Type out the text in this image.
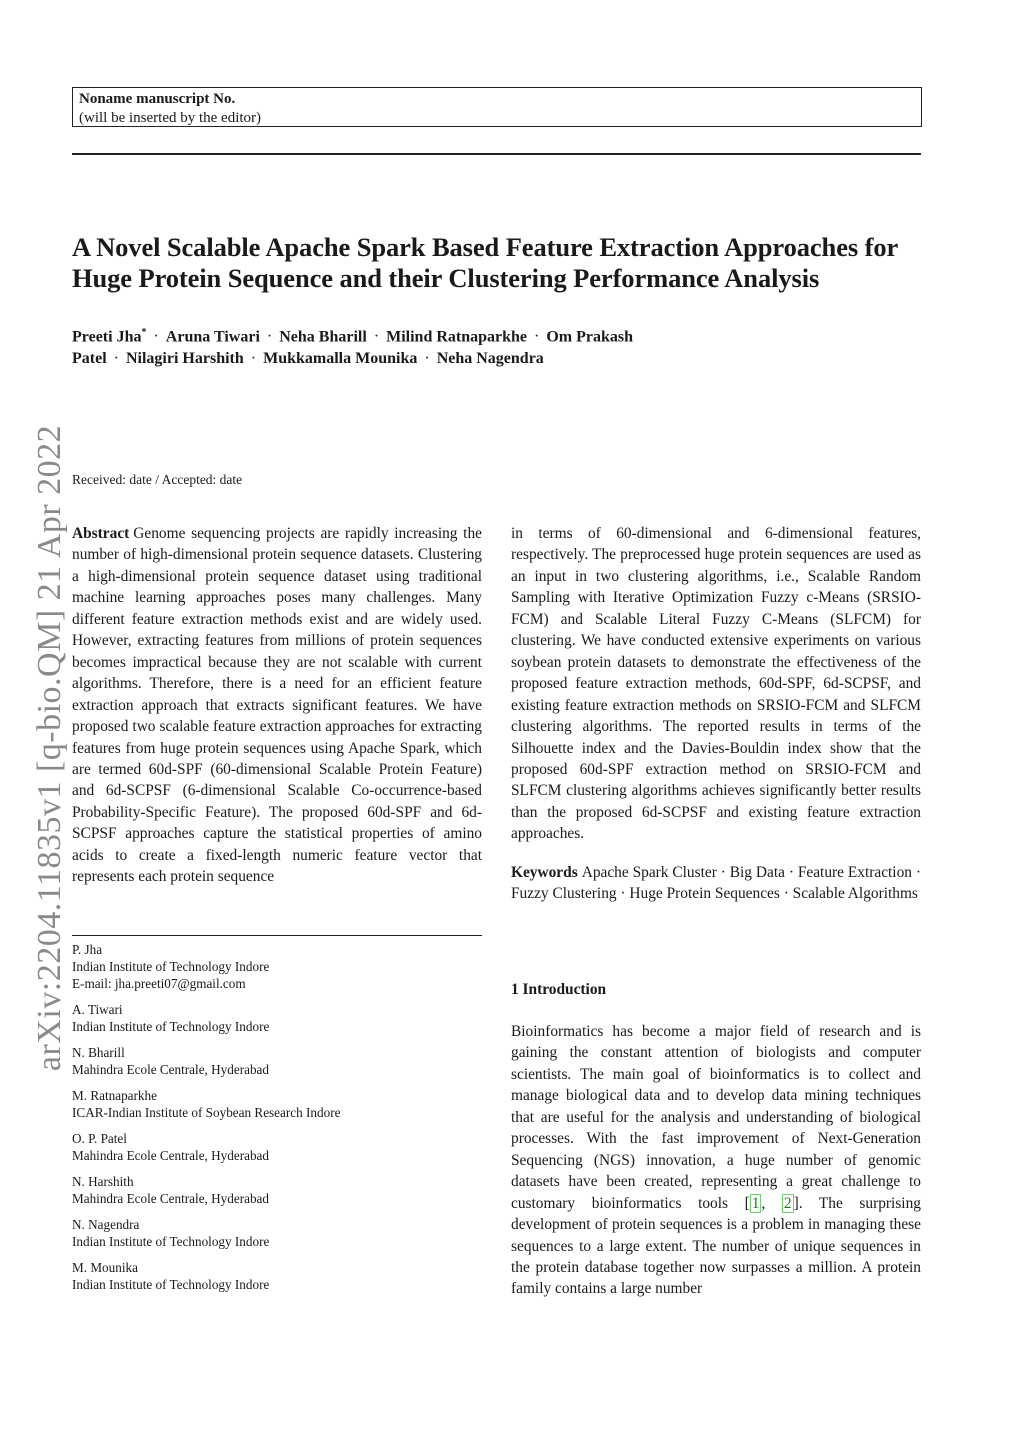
Noname manuscript No.
(will be inserted by the editor)
arXiv:2204.11835v1 [q-bio.QM] 21 Apr 2022
A Novel Scalable Apache Spark Based Feature Extraction Approaches for Huge Protein Sequence and their Clustering Performance Analysis
Preeti Jha* · Aruna Tiwari · Neha Bharill · Milind Ratnaparkhe · Om Prakash
Patel · Nilagiri Harshith · Mukkamalla Mounika · Neha Nagendra
Received: date / Accepted: date

Abstract Genome sequencing projects are rapidly increasing the number of high-dimensional protein sequence datasets. Clustering a high-dimensional protein sequence dataset using traditional machine learning approaches poses many challenges. Many different feature extraction methods exist and are widely used. However, extracting features from millions of protein sequences becomes impractical because they are not scalable with current algorithms. Therefore, there is a need for an efficient feature extraction approach that extracts significant features. We have proposed two scalable feature extraction approaches for extracting features from huge protein sequences using Apache Spark, which are termed 60d-SPF (60-dimensional Scalable Protein Feature) and 6d-SCPSF (6-dimensional Scalable Co-occurrence-based Probability-Specific Feature). The proposed 60d-SPF and 6d-SCPSF approaches capture the statistical properties of amino acids to create a fixed-length numeric feature vector that represents each protein sequence

P. Jha
Indian Institute of Technology Indore
E-mail: jha.preeti07@gmail.com
A. Tiwari
Indian Institute of Technology Indore
N. Bharill
Mahindra Ecole Centrale, Hyderabad
M. Ratnaparkhe
ICAR-Indian Institute of Soybean Research Indore
O. P. Patel
Mahindra Ecole Centrale, Hyderabad
N. Harshith
Mahindra Ecole Centrale, Hyderabad
N. Nagendra
Indian Institute of Technology Indore
M. Mounika
Indian Institute of Technology Indore

in terms of 60-dimensional and 6-dimensional features, respectively. The preprocessed huge protein sequences are used as an input in two clustering algorithms, i.e., Scalable Random Sampling with Iterative Optimization Fuzzy c-Means (SRSIO-FCM) and Scalable Literal Fuzzy C-Means (SLFCM) for clustering. We have conducted extensive experiments on various soybean protein datasets to demonstrate the effectiveness of the proposed feature extraction methods, 60d-SPF, 6d-SCPSF, and existing feature extraction methods on SRSIO-FCM and SLFCM clustering algorithms. The reported results in terms of the Silhouette index and the Davies-Bouldin index show that the proposed 60d-SPF extraction method on SRSIO-FCM and SLFCM clustering algorithms achieves significantly better results than the proposed 6d-SCPSF and existing feature extraction approaches.

Keywords Apache Spark Cluster · Big Data · Feature Extraction · Fuzzy Clustering · Huge Protein Sequences · Scalable Algorithms

1 Introduction
Bioinformatics has become a major field of research and is gaining the constant attention of biologists and computer scientists. The main goal of bioinformatics is to collect and manage biological data and to develop data mining techniques that are useful for the analysis and understanding of biological processes. With the fast improvement of Next-Generation Sequencing (NGS) innovation, a huge number of genomic datasets have been created, representing a great challenge to customary bioinformatics tools [ 1 , 2 ]. The surprising development of protein sequences is a problem in managing these sequences to a large extent. The number of unique sequences in the protein database together now surpasses a million. A protein family contains a large number
